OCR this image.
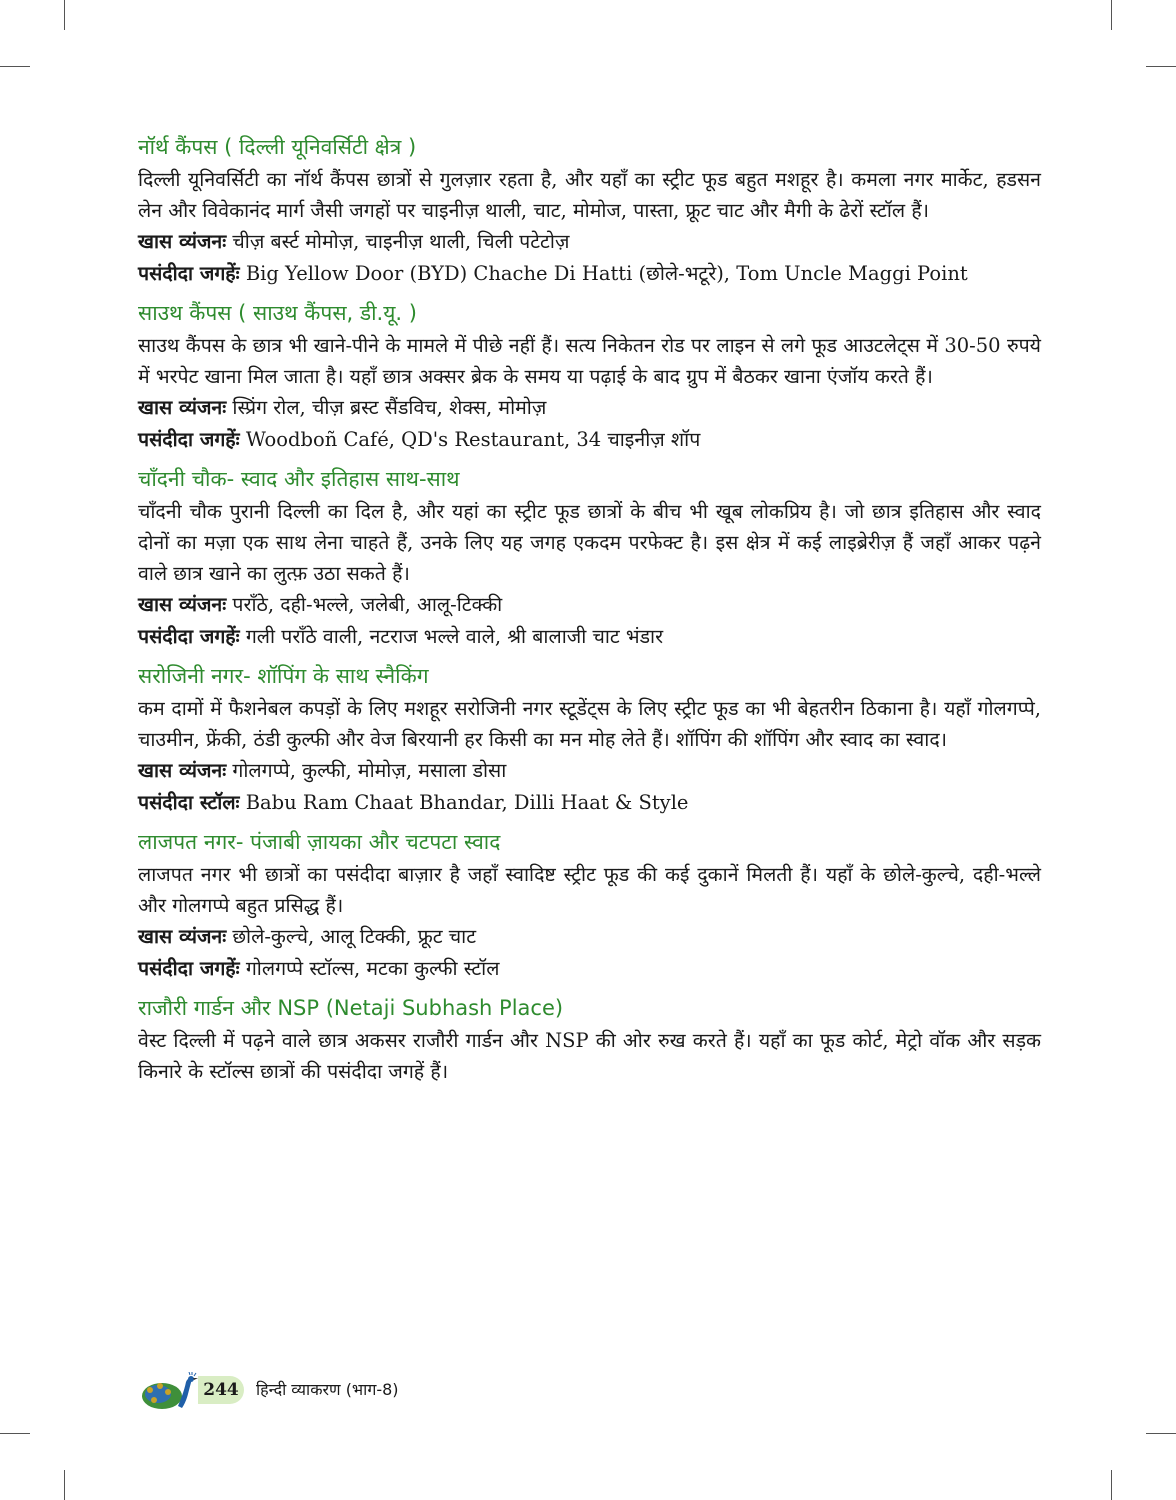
नॉर्थ कैंपस ( दिल्ली यूनिवर्सिटी क्षेत्र )

दिल्ली यूनिवर्सिटी का नॉर्थ कैंपस छात्रों से गुलज़ार रहता है, और यहाँ का स्ट्रीट फूड बहुत मशहूर है। कमला नगर मार्केट, हडसन लेन और विवेकानंद मार्ग जैसी जगहों पर चाइनीज़ थाली, चाट, मोमोज, पास्ता, फ्रूट चाट और मैगी के ढेरों स्टॉल हैं।

खास व्यंजनः चीज़ बर्स्ट मोमोज़, चाइनीज़ थाली, चिली पटेटोज़

पसंदीदा जगहेंः Big Yellow Door (BYD) Chache Di Hatti (छोले-भटूरे), Tom Uncle Maggi Point

साउथ कैंपस ( साउथ कैंपस, डी.यू. )

साउथ कैंपस के छात्र भी खाने-पीने के मामले में पीछे नहीं हैं। सत्य निकेतन रोड पर लाइन से लगे फूड आउटलेट्स में 30-50 रुपये में भरपेट खाना मिल जाता है। यहाँ छात्र अक्सर ब्रेक के समय या पढ़ाई के बाद ग्रुप में बैठकर खाना एंजॉय करते हैं।

खास व्यंजनः स्प्रिंग रोल, चीज़ ब्रस्ट सैंडविच, शेक्स, मोमोज़

पसंदीदा जगहेंः Woodboñ Café, QD's Restaurant, 34 चाइनीज़ शॉप

चाँदनी चौक- स्वाद और इतिहास साथ-साथ

चाँदनी चौक पुरानी दिल्ली का दिल है, और यहां का स्ट्रीट फूड छात्रों के बीच भी खूब लोकप्रिय है। जो छात्र इतिहास और स्वाद दोनों का मज़ा एक साथ लेना चाहते हैं, उनके लिए यह जगह एकदम परफेक्ट है। इस क्षेत्र में कई लाइब्रेरीज़ हैं जहाँ आकर पढ़ने वाले छात्र खाने का लुत्फ़ उठा सकते हैं।

खास व्यंजनः पराँठे, दही-भल्ले, जलेबी, आलू-टिक्की

पसंदीदा जगहेंः गली पराँठे वाली, नटराज भल्ले वाले, श्री बालाजी चाट भंडार

सरोजिनी नगर- शॉपिंग के साथ स्नैकिंग

कम दामों में फैशनेबल कपड़ों के लिए मशहूर सरोजिनी नगर स्टूडेंट्स के लिए स्ट्रीट फूड का भी बेहतरीन ठिकाना है। यहाँ गोलगप्पे, चाउमीन, फ्रेंकी, ठंडी कुल्फी और वेज बिरयानी हर किसी का मन मोह लेते हैं। शॉपिंग की शॉपिंग और स्वाद का स्वाद।

खास व्यंजनः गोलगप्पे, कुल्फी, मोमोज़, मसाला डोसा

पसंदीदा स्टॉलः Babu Ram Chaat Bhandar, Dilli Haat & Style

लाजपत नगर- पंजाबी ज़ायका और चटपटा स्वाद

लाजपत नगर भी छात्रों का पसंदीदा बाज़ार है जहाँ स्वादिष्ट स्ट्रीट फूड की कई दुकानें मिलती हैं। यहाँ के छोले-कुल्चे, दही-भल्ले और गोलगप्पे बहुत प्रसिद्ध हैं।

खास व्यंजनः छोले-कुल्चे, आलू टिक्की, फ्रूट चाट

पसंदीदा जगहेंः गोलगप्पे स्टॉल्स, मटका कुल्फी स्टॉल

राजौरी गार्डन और NSP (Netaji Subhash Place)

वेस्ट दिल्ली में पढ़ने वाले छात्र अकसर राजौरी गार्डन और NSP की ओर रुख करते हैं। यहाँ का फूड कोर्ट, मेट्रो वॉक और सड़क किनारे के स्टॉल्स छात्रों की पसंदीदा जगहें हैं।

244	हिन्दी व्याकरण (भाग-8)
